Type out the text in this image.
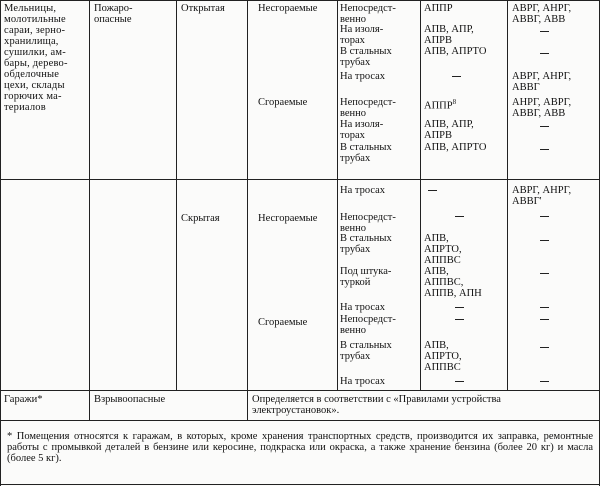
Мельницы,
молотильные
сараи, зерно-
хранилища,
сушилки, ам-
бары, дерево-
обделочные
цехи, склады
горючих ма-
териалов
Пожаро-
опасные
Открытая
Скрытая
Несгораемые
Сгораемые
Несгораемые
Сгораемые
Непосредст-
венно
На изоля-
торах
В стальных
трубах
На тросах
Непосредст-
венно
На изоля-
торах
В стальных
трубах
На тросах
Непосредст-
венно
В стальных
трубах
Под штука-
туркой
На тросах
Непосредст-
венно
В стальных
трубах
На тросах
АППР
АПВ, АПР,
АПРВ
АПВ, АПРТО
АППР$^8$
АПВ, АПР,
АПРВ
АПВ, АПРТО
АПВ,
АПРТО,
АППВС
АПВ,
АППВС,
АППВ, АПН
АПВ,
АПРТО,
АППВС
АВРГ, АНРГ,
АВВГ, АВВ
АВРГ, АНРГ,
АВВГ
АНРГ, АВРГ,
АВВГ, АВВ
АВРГ, АНРГ,
АВВГ'
Гаражи*	Взрывоопасные	Определяется в соответствии с «Правилами устройства
электроустановок».
* Помещения относятся к гаражам, в которых, кроме хранения транспортных средств, производится их заправка, ремонтные работы с промывкой деталей в бензине или керосине, подкраска или окраска, а также хранение бензина (более 20 кг) и масла (более 5 кг).
